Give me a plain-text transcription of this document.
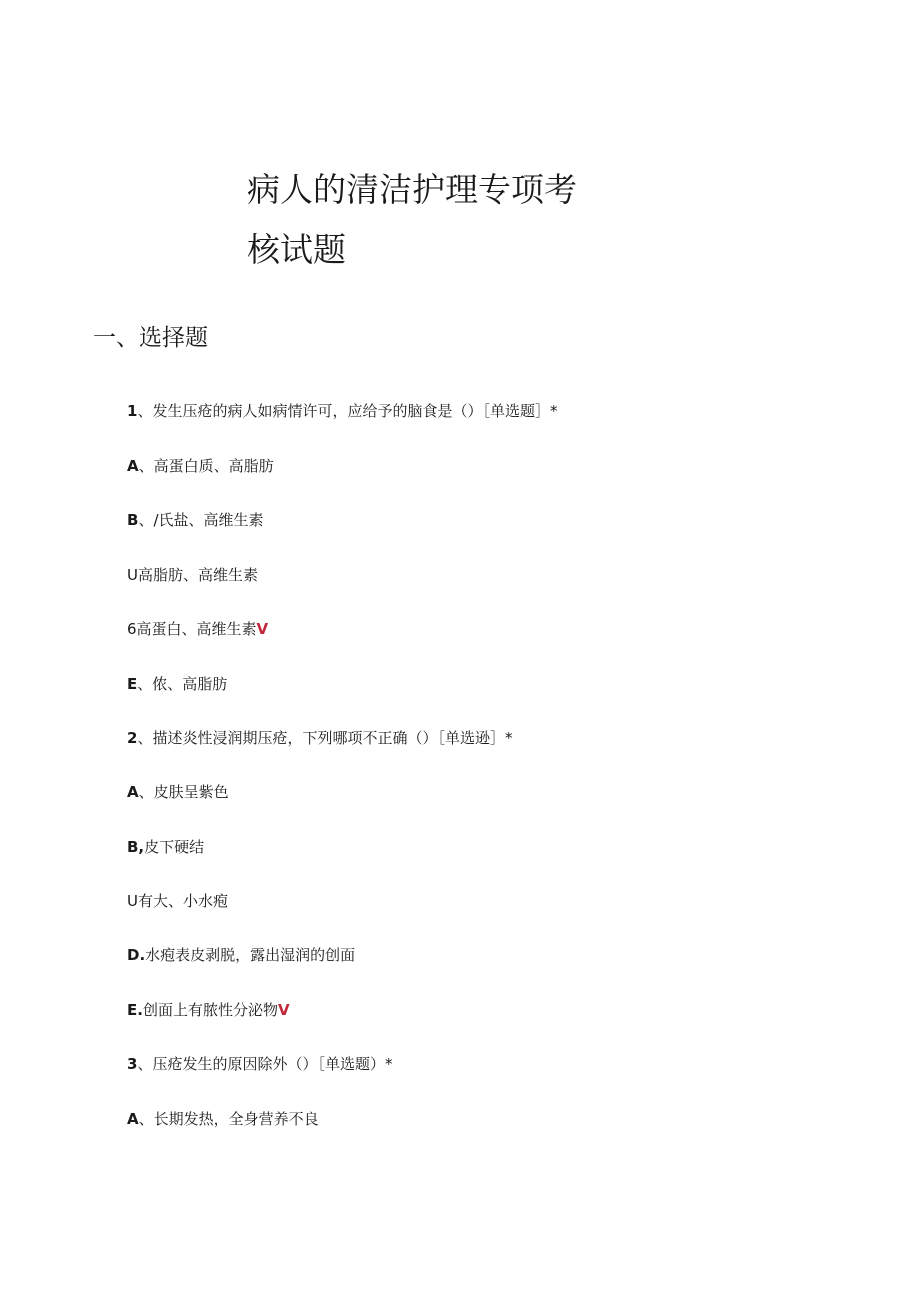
病人的清洁护理专项考
核试题
一、选择题
1、发生压疮的病人如病情许可，应给予的脑食是（）［单选题］*
A、高蛋白质、高脂肪
B、/氏盐、高维生素
U高脂肪、高维生素
6高蛋白、高维生素V
E、侬、高脂肪
2、描述炎性浸润期压疮，下列哪项不正确（）［单选逊］*
A、皮肤呈紫色
B,皮下硬结
U有大、小水疱
D.水疱表皮剥脱，露出湿润的创面
E.创面上有脓性分泌物V
3、压疮发生的原因除外（）［单选题）*
A、长期发热，全身营养不良
